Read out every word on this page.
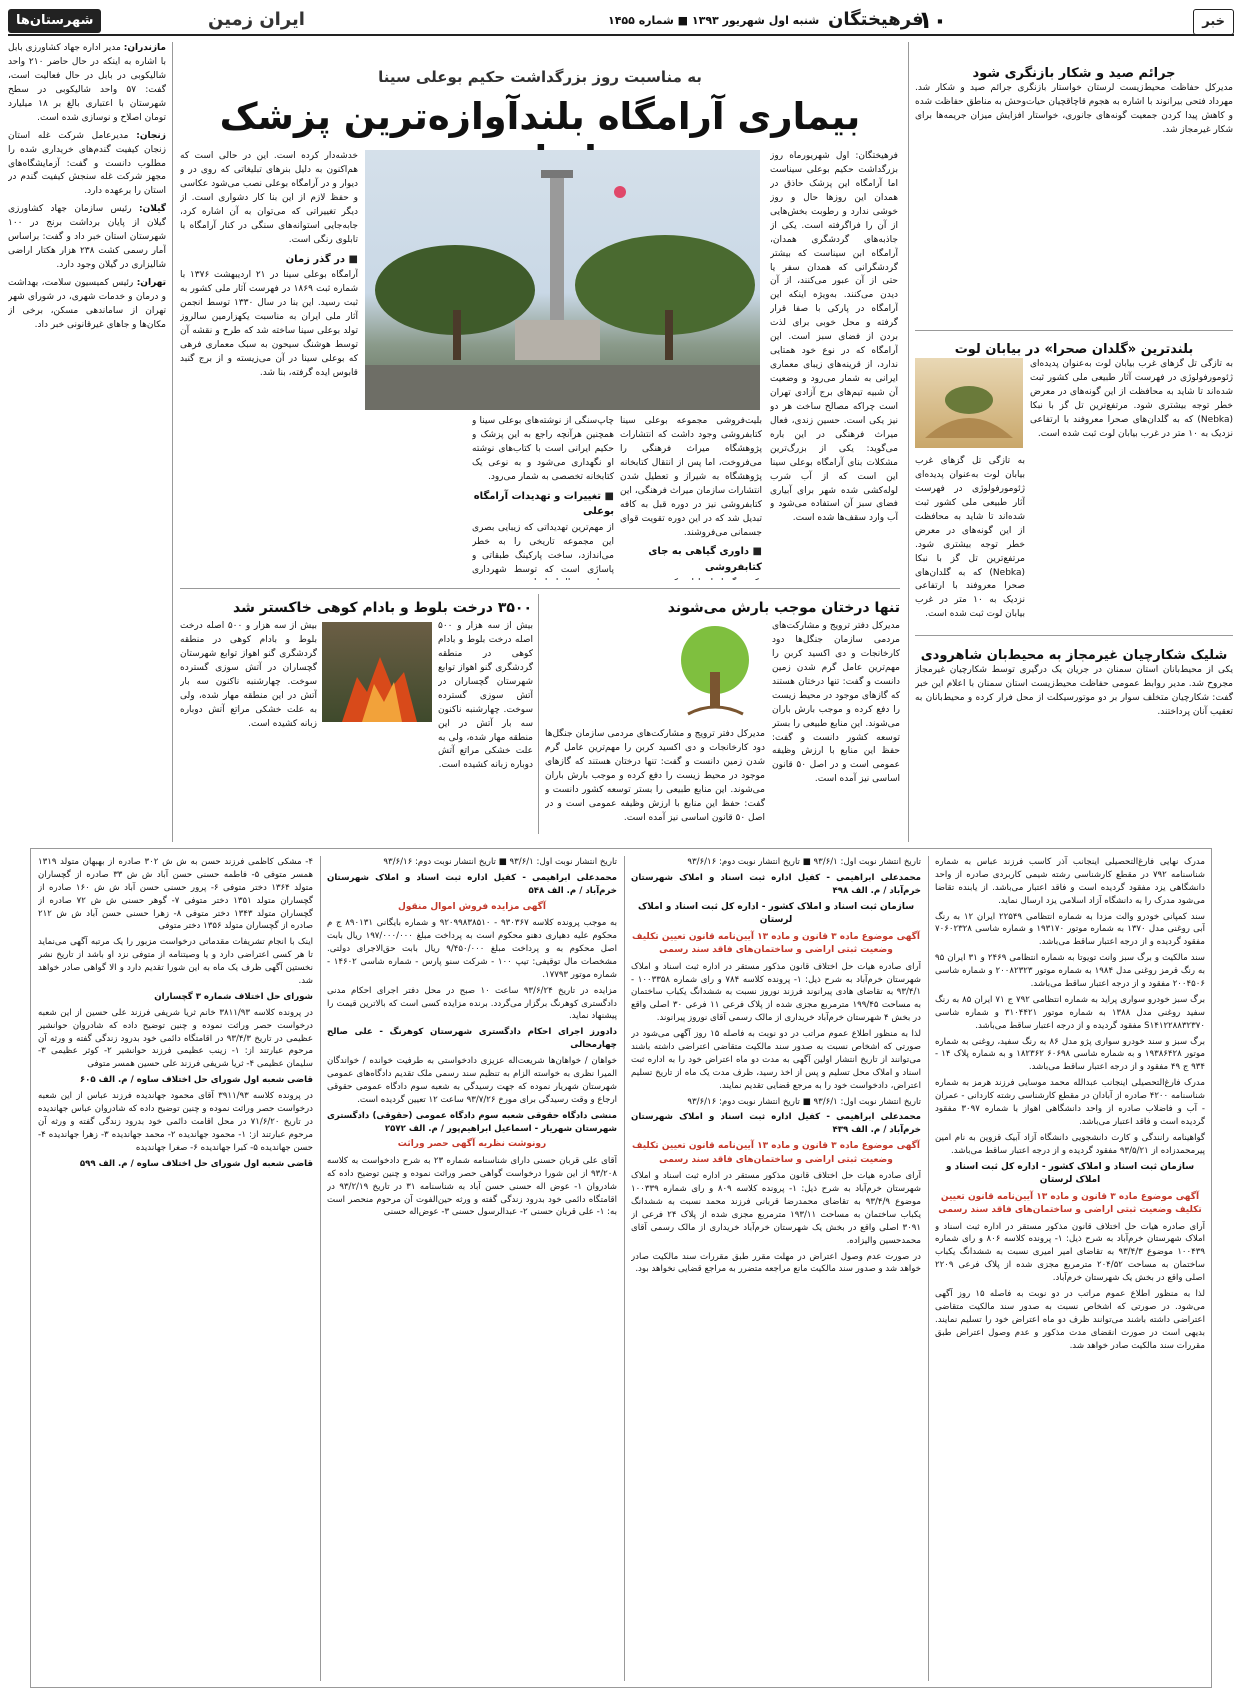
شهرستان‌ها	ایران زمین	شنبه اول شهریور ۱۳۹۳ ■ شماره ۱۴۵۵ فرهیختگان
۱۰	خبر

مازندران: مدیر اداره جهاد کشاورزی بابل با اشاره به اینکه در حال حاضر ۲۱۰ واحد شالیکوبی در بابل در حال فعالیت است، گفت: ۵۷ واحد شالیکوبی در سطح شهرستان با اعتباری بالغ بر ۱۸ میلیارد تومان اصلاح و نوسازی شده است.

زنجان: مدیرعامل شرکت غله استان زنجان کیفیت گندم‌های خریداری شده را مطلوب دانست و گفت: آزمایشگاه‌های مجهز شرکت غله سنجش کیفیت گندم در استان را برعهده دارد.

گیلان: رئیس سازمان جهاد کشاورزی گیلان از پایان برداشت برنج در ۱۰۰ شهرستان استان خبر داد و گفت: براساس آمار رسمی کشت ۲۳۸ هزار هکتار اراضی شالیزاری در گیلان وجود دارد.

تهران: رئیس کمیسیون سلامت، بهداشت و درمان و خدمات شهری، در شورای شهر تهران از ساماندهی مسکن، برخی از مکان‌ها و جاهای غیرقانونی خبر داد.

به مناسبت روز بزرگداشت حکیم بوعلی سینا
بیماری آرامگاه بلندآوازه‌ترین پزشک

فرهیختگان: اول شهریورماه روز بزرگداشت حکیم بوعلی سیناست اما آرامگاه این پزشک حاذق در همدان این روزها حال و روز خوشی ندارد و رطوبت بخش‌هایی از آن را فراگرفته است. یکی از جاذبه‌های گردشگری همدان، آرامگاه ابن سیناست که بیشتر گردشگرانی که همدان سفر یا حتی از آن عبور می‌کنند، از آن دیدن می‌کنند. به‌ویژه اینکه این آرامگاه در پارکی با صفا قرار گرفته و محل خوبی برای لذت بردن از فضای سبز است. این آرامگاه که در نوع خود همتایی ندارد، از قرینه‌های زیبای معماری ایرانی به شمار می‌رود و وضعیت آن شبیه تیم‌های برج آزادی تهران است چراکه مصالح ساخت هر دو نیز یکی است. حسین زندی، فعال میراث فرهنگی در این باره می‌گوید: یکی از بزرگ‌ترین مشکلات بنای آرامگاه بوعلی سینا این است که از آب شرب لوله‌کشی شده شهر برای آبیاری فضای سبز آن استفاده می‌شود و آب وارد سقف‌ها شده است.

بلیت‌فروشی مجموعه بوعلی سینا کتابفروشی وجود داشت که انتشارات پژوهشگاه میراث فرهنگی را می‌فروخت، اما پس از انتقال کتابخانه پژوهشگاه به شیراز و تعطیل شدن انتشارات سازمان میراث فرهنگی، این کتابفروشی نیز در دوره قبل به کافه تبدیل شد که در این دوره تقویت قوای جسمانی می‌فروشند.

■ داوری گیاهی به جای کتابفروشی

چاپ‌سنگی از نوشته‌های بوعلی سینا و همچنین هرآنچه راجع به این پزشک و حکیم ایرانی است با کتاب‌های نوشته او نگهداری می‌شود و به نوعی یک کتابخانه تخصصی به شمار می‌رود.

■ تغییرات و تهدیدات آرامگاه بوعلی

از مهم‌ترین تهدیداتی که زیبایی بصری این مجموعه تاریخی را به خطر می‌اندازد، ساخت پارکینگ طبقاتی و پاساژی است که توسط شهرداری

خدشه‌دار کرده است. این در حالی است که هم‌اکنون به دلیل بنرهای تبلیغاتی که روی در و دیوار و در آرامگاه بوعلی نصب می‌شود عکاسی و حفظ لازم از این بنا کار دشواری است. از دیگر تغییراتی که می‌توان به آن اشاره کرد، جابه‌جایی استوانه‌های سنگی در کنار آرامگاه با تابلوی رنگی است.

■ در گذر زمان

آرامگاه بوعلی سینا در ۲۱ اردیبهشت ۱۳۷۶ با شماره ثبت ۱۸۶۹ در فهرست آثار ملی کشور به ثبت رسید. این بنا در سال ۱۳۳۰ توسط انجمن آثار ملی ایران به مناسبت یکهزارمین سالروز تولد بوعلی سینا ساخته شد که طرح و نقشه آن توسط هوشنگ سیحون به سبک معماری فرهی که بوعلی سینا در آن می‌زیسته و از برج گنبد قابوس ایده گرفته، بنا شد.

تنها درختان موجب بارش می‌شوند

مدیرکل دفتر ترویج و مشارکت‌های مردمی سازمان جنگل‌ها دود کارخانجات و دی اکسید کربن را مهم‌ترین عامل گرم شدن زمین دانست و گفت: تنها درختان هستند که گازهای موجود در محیط زیست را دفع کرده و موجب بارش باران می‌شوند. این منابع طبیعی را بستر توسعه کشور دانست و گفت: حفظ این منابع با ارزش وظیفه عمومی است و در اصل ۵۰ قانون اساسی نیز آمده است.

مدیرکل دفتر ترویج و مشارکت‌های مردمی سازمان جنگل‌ها دود کارخانجات و دی اکسید کربن را مهم‌ترین عامل گرم شدن زمین دانست و گفت: تنها درختان هستند که گازهای موجود در محیط زیست را دفع کرده و موجب بارش باران می‌شوند. این منابع طبیعی را بستر توسعه کشور دانست و گفت: حفظ این منابع با ارزش وظیفه عمومی است و در اصل ۵۰ قانون اساسی نیز آمده است.

۳۵۰۰ درخت بلوط و بادام کوهی خاکستر شد

بیش از سه هزار و ۵۰۰ اصله درخت بلوط و بادام کوهی در منطقه گردشگری گنو اهواز توابع شهرستان گچساران در آتش سوزی گسترده سوخت. چهارشنبه ناکنون سه بار آتش در این منطقه مهار شده، ولی به علت خشکی مراتع آتش دوباره زبانه کشیده است.

بیش از سه هزار و ۵۰۰ اصله درخت بلوط و بادام کوهی در منطقه گردشگری گنو اهواز توابع شهرستان گچساران در آتش سوزی گسترده سوخت. چهارشنبه ناکنون سه بار آتش در این منطقه مهار شده، ولی به علت خشکی مراتع آتش دوباره زبانه کشیده است.

جرائم صید و شکار بازنگری شود

مدیرکل حفاظت محیط‌زیست لرستان خواستار بازنگری جرائم صید و شکار شد. مهرداد فتحی بیرانوند با اشاره به هجوم قاچاقچیان حیات‌وحش به مناطق حفاظت شده و کاهش پیدا کردن جمعیت گونه‌های جانوری، خواستار افزایش میزان جریمه‌ها برای شکار غیرمجاز شد.

بلندترین «گلدان صحرا» در بیابان لوت

به تازگی تل گزهای غرب بیابان لوت به‌عنوان پدیده‌ای ژئومورفولوژی در فهرست آثار طبیعی ملی کشور ثبت شده‌اند تا شاید به محافظت از این گونه‌های در معرض خطر توجه بیشتری شود. مرتفع‌ترین تل گز با نبکا (Nebka) که به گلدان‌های صحرا معروفند با ارتفاعی نزدیک به ۱۰ متر در غرب بیابان لوت ثبت شده است.

به تازگی تل گزهای غرب بیابان لوت به‌عنوان پدیده‌ای ژئومورفولوژی در فهرست آثار طبیعی ملی کشور ثبت شده‌اند تا شاید به محافظت از این گونه‌های در معرض خطر توجه بیشتری شود. مرتفع‌ترین تل گز با نبکا (Nebka) که به گلدان‌های صحرا معروفند با ارتفاعی نزدیک به ۱۰ متر در غرب بیابان لوت ثبت شده است.

شلیک شکارچیان غیرمجاز به محیط‌بان شاهرودی

یکی از محیط‌بانان استان سمنان در جریان یک درگیری توسط شکارچیان غیرمجاز مجروح شد. مدیر روابط عمومی حفاظت محیط‌زیست استان سمنان با اعلام این خبر گفت: شکارچیان متخلف سوار بر دو موتورسیکلت از محل فرار کرده و محیط‌بانان به تعقیب آنان پرداختند.

۴- مشکی کاظمی فرزند حسن به ش ش ۳۰۲ صادره از بهبهان متولد ۱۳۱۹ همسر متوفی ۵- فاطمه حسنی حسن آباد ش ش ۳۳ صادره از گچساران متولد ۱۳۶۴ دختر متوفی ۶- پرور حسنی حسن آباد ش ش ۱۶۰ صادره از گچساران متولد ۱۳۵۱ دختر متوفی ۷- گوهر حسنی ش ش ۷۲ صادره از گچساران متولد ۱۳۴۳ دختر متوفی ۸- زهرا حسنی حسن آباد ش ش ۲۱۲ صادره از گچساران متولد ۱۳۵۶ دختر متوفی

اینک با انجام تشریفات مقدماتی درخواست مزبور را یک مرتبه آگهی می‌نماید تا هر کسی اعتراضی دارد و یا وصیتنامه از متوفی نزد او باشد از تاریخ نشر نخستین آگهی ظرف یک ماه به این شورا تقدیم دارد و الا گواهی صادر خواهد شد.

شورای حل اختلاف شماره ۳ گچساران

در پرونده کلاسه ۳۸۱۱/۹۳ خانم ثریا شریفی فرزند علی حسین از این شعبه درخواست حصر وراثت نموده و چنین توضیح داده که شادروان حوانشیر عظیمی در تاریخ ۹۳/۴/۳ در اقامتگاه دائمی خود بدرود زندگی گفته و ورثه آن مرحوم عبارتند از: ۱- زینب عظیمی فرزند حوانشیر ۲- کوثر عظیمی ۳- سلیمان عظیمی ۴- ثریا شریفی فرزند علی حسین همسر متوفی

قاضی شعبه اول شورای حل اختلاف ساوه / م. الف ۶۰۵

در پرونده کلاسه ۳۹۱۱/۹۳ آقای محمود جهاندیده فرزند عباس از این شعبه درخواست حصر وراثت نموده و چنین توضیح داده که شادروان عباس جهاندیده در تاریخ ۷۱/۶/۲۰ در محل اقامت دائمی خود بدرود زندگی گفته و ورثه آن مرحوم عبارتند از: ۱- محمود جهاندیده ۲- محمد جهاندیده ۳- زهرا جهاندیده ۴- حسن جهاندیده ۵- کبرا جهاندیده ۶- صغرا جهاندیده

قاضی شعبه اول شورای حل اختلاف ساوه / م. الف ۵۹۹

تاریخ انتشار نوبت اول: ۹۳/۶/۱ ■ تاریخ انتشار نوبت دوم: ۹۳/۶/۱۶

محمدعلی ابراهیمی - کفیل اداره ثبت اسناد و املاک شهرستان خرم‌آباد / م. الف ۵۴۸

آگهی مزایده فروش اموال منقول

به موجب پرونده کلاسه ۹۳۰۳۶۷ - ۹۲۰۹۹۸۳۸۵۱۰ و شماره بایگانی ۸۹۰۱۳۱ ج م محکوم علیه دهیاری دهنو محکوم است به پرداخت مبلغ ۱۹۷/۰۰۰/۰۰۰ ریال بابت اصل محکوم به و پرداخت مبلغ ۹/۴۵۰/۰۰۰ ریال بابت حق‌الاجرای دولتی. مشخصات مال توقیفی: تیپ ۱۰۰ - شرکت سنو پارس - شماره شاسی ۱۴۶۰۲ - شماره موتور ۱۷۷۹۳.

مزایده در تاریخ ۹۳/۶/۲۴ ساعت ۱۰ صبح در محل دفتر اجرای احکام مدنی دادگستری کوهرنگ برگزار می‌گردد. برنده مزایده کسی است که بالاترین قیمت را پیشنهاد نماید.

دادورز اجرای احکام دادگستری شهرستان کوهرنگ - علی صالح چهارمحالی

خواهان / خواهان‌ها شریعت‌اله عزیزی دادخواستی به طرفیت خوانده / خواندگان المیرا نظری به خواسته الزام به تنظیم سند رسمی ملک تقدیم دادگاه‌های عمومی شهرستان شهریار نموده که جهت رسیدگی به شعبه سوم دادگاه عمومی حقوقی ارجاع و وقت رسیدگی برای مورخ ۹۳/۷/۲۶ ساعت ۱۲ تعیین گردیده است.

منشی دادگاه حقوقی شعبه سوم دادگاه عمومی (حقوقی) دادگستری شهرستان شهریار - اسماعیل ابراهیم‌پور / م. الف ۲۵۷۲

رونوشت نظریه آگهی حصر وراثت

آقای علی قربان حسنی دارای شناسنامه شماره ۲۳ به شرح دادخواست به کلاسه ۹۳/۲۰۸ از این شورا درخواست گواهی حصر وراثت نموده و چنین توضیح داده که شادروان ۱- عوض اله حسنی حسن آباد به شناسنامه ۳۱ در تاریخ ۹۳/۲/۱۹ در اقامتگاه دائمی خود بدرود زندگی گفته و ورثه حین‌الفوت آن مرحوم منحصر است به: ۱- علی قربان حسنی ۲- عبدالرسول حسنی ۳- عوض‌اله حسنی

تاریخ انتشار نوبت اول: ۹۳/۶/۱ ■ تاریخ انتشار نوبت دوم: ۹۳/۶/۱۶

محمدعلی ابراهیمی - کفیل اداره ثبت اسناد و املاک شهرستان خرم‌آباد / م. الف ۴۹۸

سازمان ثبت اسناد و املاک کشور - اداره کل ثبت اسناد و املاک لرستان

آگهی موضوع ماده ۳ قانون و ماده ۱۳ آیین‌نامه قانون تعیین تکلیف وضعیت ثبتی اراضی و ساختمان‌های فاقد سند رسمی

آرای صادره هیات حل اختلاف قانون مذکور مستقر در اداره ثبت اسناد و املاک شهرستان خرم‌آباد به شرح ذیل: ۱- پرونده کلاسه ۷۸۴ و رای شماره ۱۰۰۳۳۵۸ - ۹۳/۴/۱ به تقاضای هادی پیرانوند فرزند نوروز نسبت به ششدانگ یکباب ساختمان به مساحت ۱۹۹/۴۵ مترمربع مجزی شده از پلاک فرعی ۱۱ فرعی ۳۰ اصلی واقع در بخش ۴ شهرستان خرم‌آباد خریداری از مالک رسمی آقای نوروز پیرانوند.

لذا به منظور اطلاع عموم مراتب در دو نوبت به فاصله ۱۵ روز آگهی می‌شود در صورتی که اشخاص نسبت به صدور سند مالکیت متقاضی اعتراضی داشته باشند می‌توانند از تاریخ انتشار اولین آگهی به مدت دو ماه اعتراض خود را به اداره ثبت اسناد و املاک محل تسلیم و پس از اخذ رسید، ظرف مدت یک ماه از تاریخ تسلیم اعتراض، دادخواست خود را به مرجع قضایی تقدیم نمایند.

تاریخ انتشار نوبت اول: ۹۳/۶/۱ ■ تاریخ انتشار نوبت دوم: ۹۳/۶/۱۶

محمدعلی ابراهیمی - کفیل اداره ثبت اسناد و املاک شهرستان خرم‌آباد / م. الف ۴۳۹

آگهی موضوع ماده ۳ قانون و ماده ۱۳ آیین‌نامه قانون تعیین تکلیف وضعیت ثبتی اراضی و ساختمان‌های فاقد سند رسمی

آرای صادره هیات حل اختلاف قانون مذکور مستقر در اداره ثبت اسناد و املاک شهرستان خرم‌آباد به شرح ذیل: ۱- پرونده کلاسه ۸۰۹ و رای شماره ۱۰۰۳۳۹ موضوع ۹۳/۴/۹ به تقاضای محمدرضا قربانی فرزند محمد نسبت به ششدانگ یکباب ساختمان به مساحت ۱۹۳/۱۱ مترمربع مجزی شده از پلاک ۲۴ فرعی از ۳۰۹۱ اصلی واقع در بخش یک شهرستان خرم‌آباد خریداری از مالک رسمی آقای محمدحسین والیزاده.

در صورت عدم وصول اعتراض در مهلت مقرر طبق مقررات سند مالکیت صادر خواهد شد و صدور سند مالکیت مانع مراجعه متضرر به مراجع قضایی نخواهد بود.

مدرک نهایی فارغ‌التحصیلی اینجانب آذر کاسب فرزند عباس به شماره شناسنامه ۷۹۲ در مقطع کارشناسی رشته شیمی کاربردی صادره از واحد دانشگاهی یزد مفقود گردیده است و فاقد اعتبار می‌باشد. از یابنده تقاضا می‌شود مدرک را به دانشگاه آزاد اسلامی یزد ارسال نماید.

سند کمپانی خودرو والت مزدا به شماره انتظامی ۲۲۵۴۹ ایران ۱۲ به رنگ آبی روغنی مدل ۱۳۷۰ به شماره موتور ۱۹۳۱۷۰ و شماره شاسی ۷۰۶۰۲۳۲۸ مفقود گردیده و از درجه اعتبار ساقط می‌باشد.

سند مالکیت و برگ سبز وانت تویوتا به شماره انتظامی ۲۴۶۹ و ۳۱ ایران ۹۵ به رنگ قرمز روغنی مدل ۱۹۸۴ به شماره موتور ۲۰۰۸۲۳۲۳ و شماره شاسی ۲۰۰۴۵۰۶ مفقود و از درجه اعتبار ساقط می‌باشد.

برگ سبز خودرو سواری پراید به شماره انتظامی ۷۹۲ ج ۷۱ ایران ۸۵ به رنگ سفید روغنی مدل ۱۳۸۸ به شماره موتور ۳۱۰۴۴۲۱ و شماره شاسی S۱۴۱۲۲۸۸۳۲۳۷۰ مفقود گردیده و از درجه اعتبار ساقط می‌باشد.

برگ سبز و سند خودرو سواری پژو مدل ۸۶ به رنگ سفید، روغنی به شماره موتور ۱۹۳۸۶۴۲۸ و به شماره شاسی ۶۰۶۹۸ ۱۸۲۳۶۲ و به شماره پلاک ۱۴ - ۹۳۴ ج ۴۹ مفقود و از درجه اعتبار ساقط می‌باشد.

مدرک فارغ‌التحصیلی اینجانب عبدالله محمد موسایی فرزند هرمز به شماره شناسنامه ۴۲۰۰ صادره از آبادان در مقطع کارشناسی رشته کاردانی - عمران - آب و فاضلاب صادره از واحد دانشگاهی اهواز با شماره ۳۰۹۷ مفقود گردیده است و فاقد اعتبار می‌باشد.

گواهینامه رانندگی و کارت دانشجویی دانشگاه آزاد آبیک قزوین به نام امین پیرمحمدزاده از ۹۳/۵/۲۱ مفقود گردیده و از درجه اعتبار ساقط می‌باشد.

سازمان ثبت اسناد و املاک کشور - اداره کل ثبت اسناد و املاک لرستان

آگهی موضوع ماده ۳ قانون و ماده ۱۳ آیین‌نامه قانون تعیین تکلیف وضعیت ثبتی اراضی و ساختمان‌های فاقد سند رسمی

آرای صادره هیات حل اختلاف قانون مذکور مستقر در اداره ثبت اسناد و املاک شهرستان خرم‌آباد به شرح ذیل: ۱- پرونده کلاسه ۸۰۶ و رای شماره ۱۰۰۴۳۹ موضوع ۹۳/۴/۳ به تقاضای امیر امیری نسبت به ششدانگ یکباب ساختمان به مساحت ۲۰۴/۵۲ مترمربع مجزی شده از پلاک فرعی ۲۲۰۹ اصلی واقع در بخش یک شهرستان خرم‌آباد.

لذا به منظور اطلاع عموم مراتب در دو نوبت به فاصله ۱۵ روز آگهی می‌شود. در صورتی که اشخاص نسبت به صدور سند مالکیت متقاضی اعتراضی داشته باشند می‌توانند ظرف دو ماه اعتراض خود را تسلیم نمایند. بدیهی است در صورت انقضای مدت مذکور و عدم وصول اعتراض طبق مقررات سند مالکیت صادر خواهد شد.
